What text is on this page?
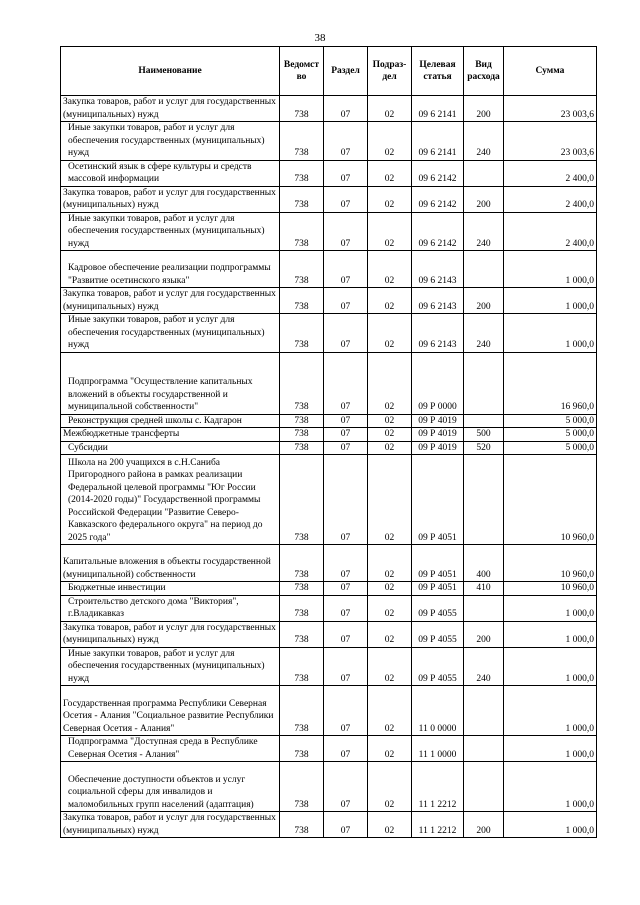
38
Наименование	Ведомст во	Раздел	Подраз- дел	Целевая статья	Вид расхода	Сумма
Закупка товаров, работ и услуг для государственных (муниципальных) нужд	738	07	02	09 6 2141	200	23 003,6
Иные закупки товаров, работ и услуг для обеспечения государственных (муниципальных) нужд	738	07	02	09 6 2141	240	23 003,6
Осетинский язык в сфере культуры и средств массовой информации	738	07	02	09 6 2142		2 400,0
Закупка товаров, работ и услуг для государственных (муниципальных) нужд	738	07	02	09 6 2142	200	2 400,0
Иные закупки товаров, работ и услуг для обеспечения государственных (муниципальных) нужд	738	07	02	09 6 2142	240	2 400,0
Кадровое обеспечение реализации подпрограммы "Развитие осетинского языка"	738	07	02	09 6 2143		1 000,0
Закупка товаров, работ и услуг для государственных (муниципальных) нужд	738	07	02	09 6 2143	200	1 000,0
Иные закупки товаров, работ и услуг для обеспечения государственных (муниципальных) нужд	738	07	02	09 6 2143	240	1 000,0
Подпрограмма "Осуществление капитальных вложений в объекты государственной и муниципальной собственности"	738	07	02	09 Р 0000		16 960,0
Реконструкция средней школы с. Кадгарон	738	07	02	09 Р 4019		5 000,0
Межбюджетные трансферты	738	07	02	09 Р 4019	500	5 000,0
Субсидии	738	07	02	09 Р 4019	520	5 000,0
Школа на 200 учащихся в с.Н.Саниба Пригородного района в рамках реализации Федеральной целевой программы "Юг России (2014-2020 годы)" Государственной программы Российской Федерации "Развитие Северо-Кавказского федерального округа" на период до 2025 года"	738	07	02	09 Р 4051		10 960,0
Капитальные вложения в объекты государственной (муниципальной) собственности	738	07	02	09 Р 4051	400	10 960,0
Бюджетные инвестиции	738	07	02	09 Р 4051	410	10 960,0
Строительство детского дома "Виктория", г.Владикавказ	738	07	02	09 Р 4055		1 000,0
Закупка товаров, работ и услуг для государственных (муниципальных) нужд	738	07	02	09 Р 4055	200	1 000,0
Иные закупки товаров, работ и услуг для обеспечения государственных (муниципальных) нужд	738	07	02	09 Р 4055	240	1 000,0
Государственная программа Республики Северная Осетия - Алания "Социальное развитие Республики Северная Осетия - Алания"	738	07	02	11 0 0000		1 000,0
Подпрограмма "Доступная среда в Республике Северная Осетия - Алания"	738	07	02	11 1 0000		1 000,0
Обеспечение доступности объектов и услуг социальной сферы для инвалидов и маломобильных групп населений (адаптация)	738	07	02	11 1 2212		1 000,0
Закупка товаров, работ и услуг для государственных (муниципальных) нужд	738	07	02	11 1 2212	200	1 000,0
